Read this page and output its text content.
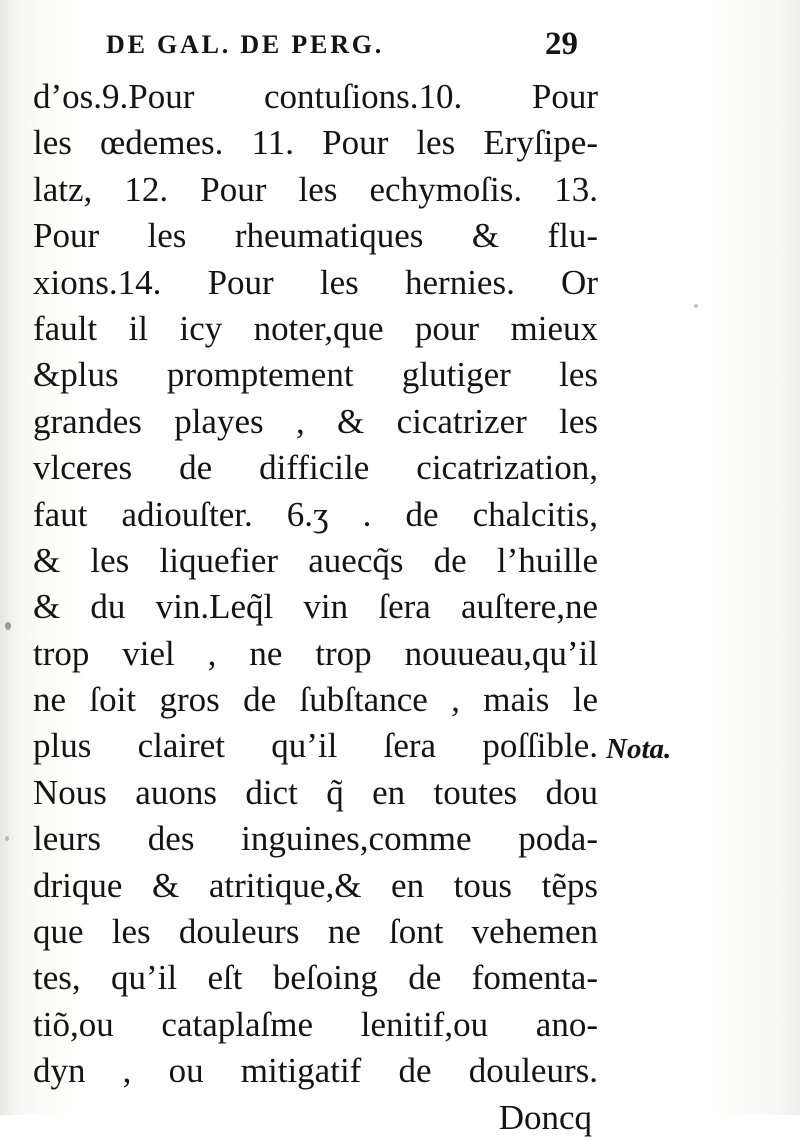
DE GAL. DE PERG.	29
d’os.9.Pour contuſions.10. Pour
les œdemes. 11. Pour les Eryſipe-
latz, 12. Pour les echymoſis. 13.
Pour les rheumatiques & flu-
xions.14. Pour les hernies. Or
fault il icy noter,que pour mieux
&plus promptement glutiger les
grandes playes , & cicatrizer les
vlceres de difficile cicatrization,
faut adiouſter. 6.ʒ . de chalcitis,
& les liquefier auecq̃s de l’huille
& du vin.Leq̃l vin ſera auſtere,ne
trop viel , ne trop nouueau,qu’il
ne ſoit gros de ſubſtance , mais le
plus clairet qu’il ſera poſſible.
Nous auons dict q̃ en toutes dou
leurs des inguines,comme poda-
drique & atritique,& en tous tẽps
que les douleurs ne ſont vehemen
tes, qu’il eſt beſoing de fomenta-
tiõ,ou cataplaſme lenitif,ou ano-
dyn , ou mitigatif de douleurs.
Doncq
Nota.
